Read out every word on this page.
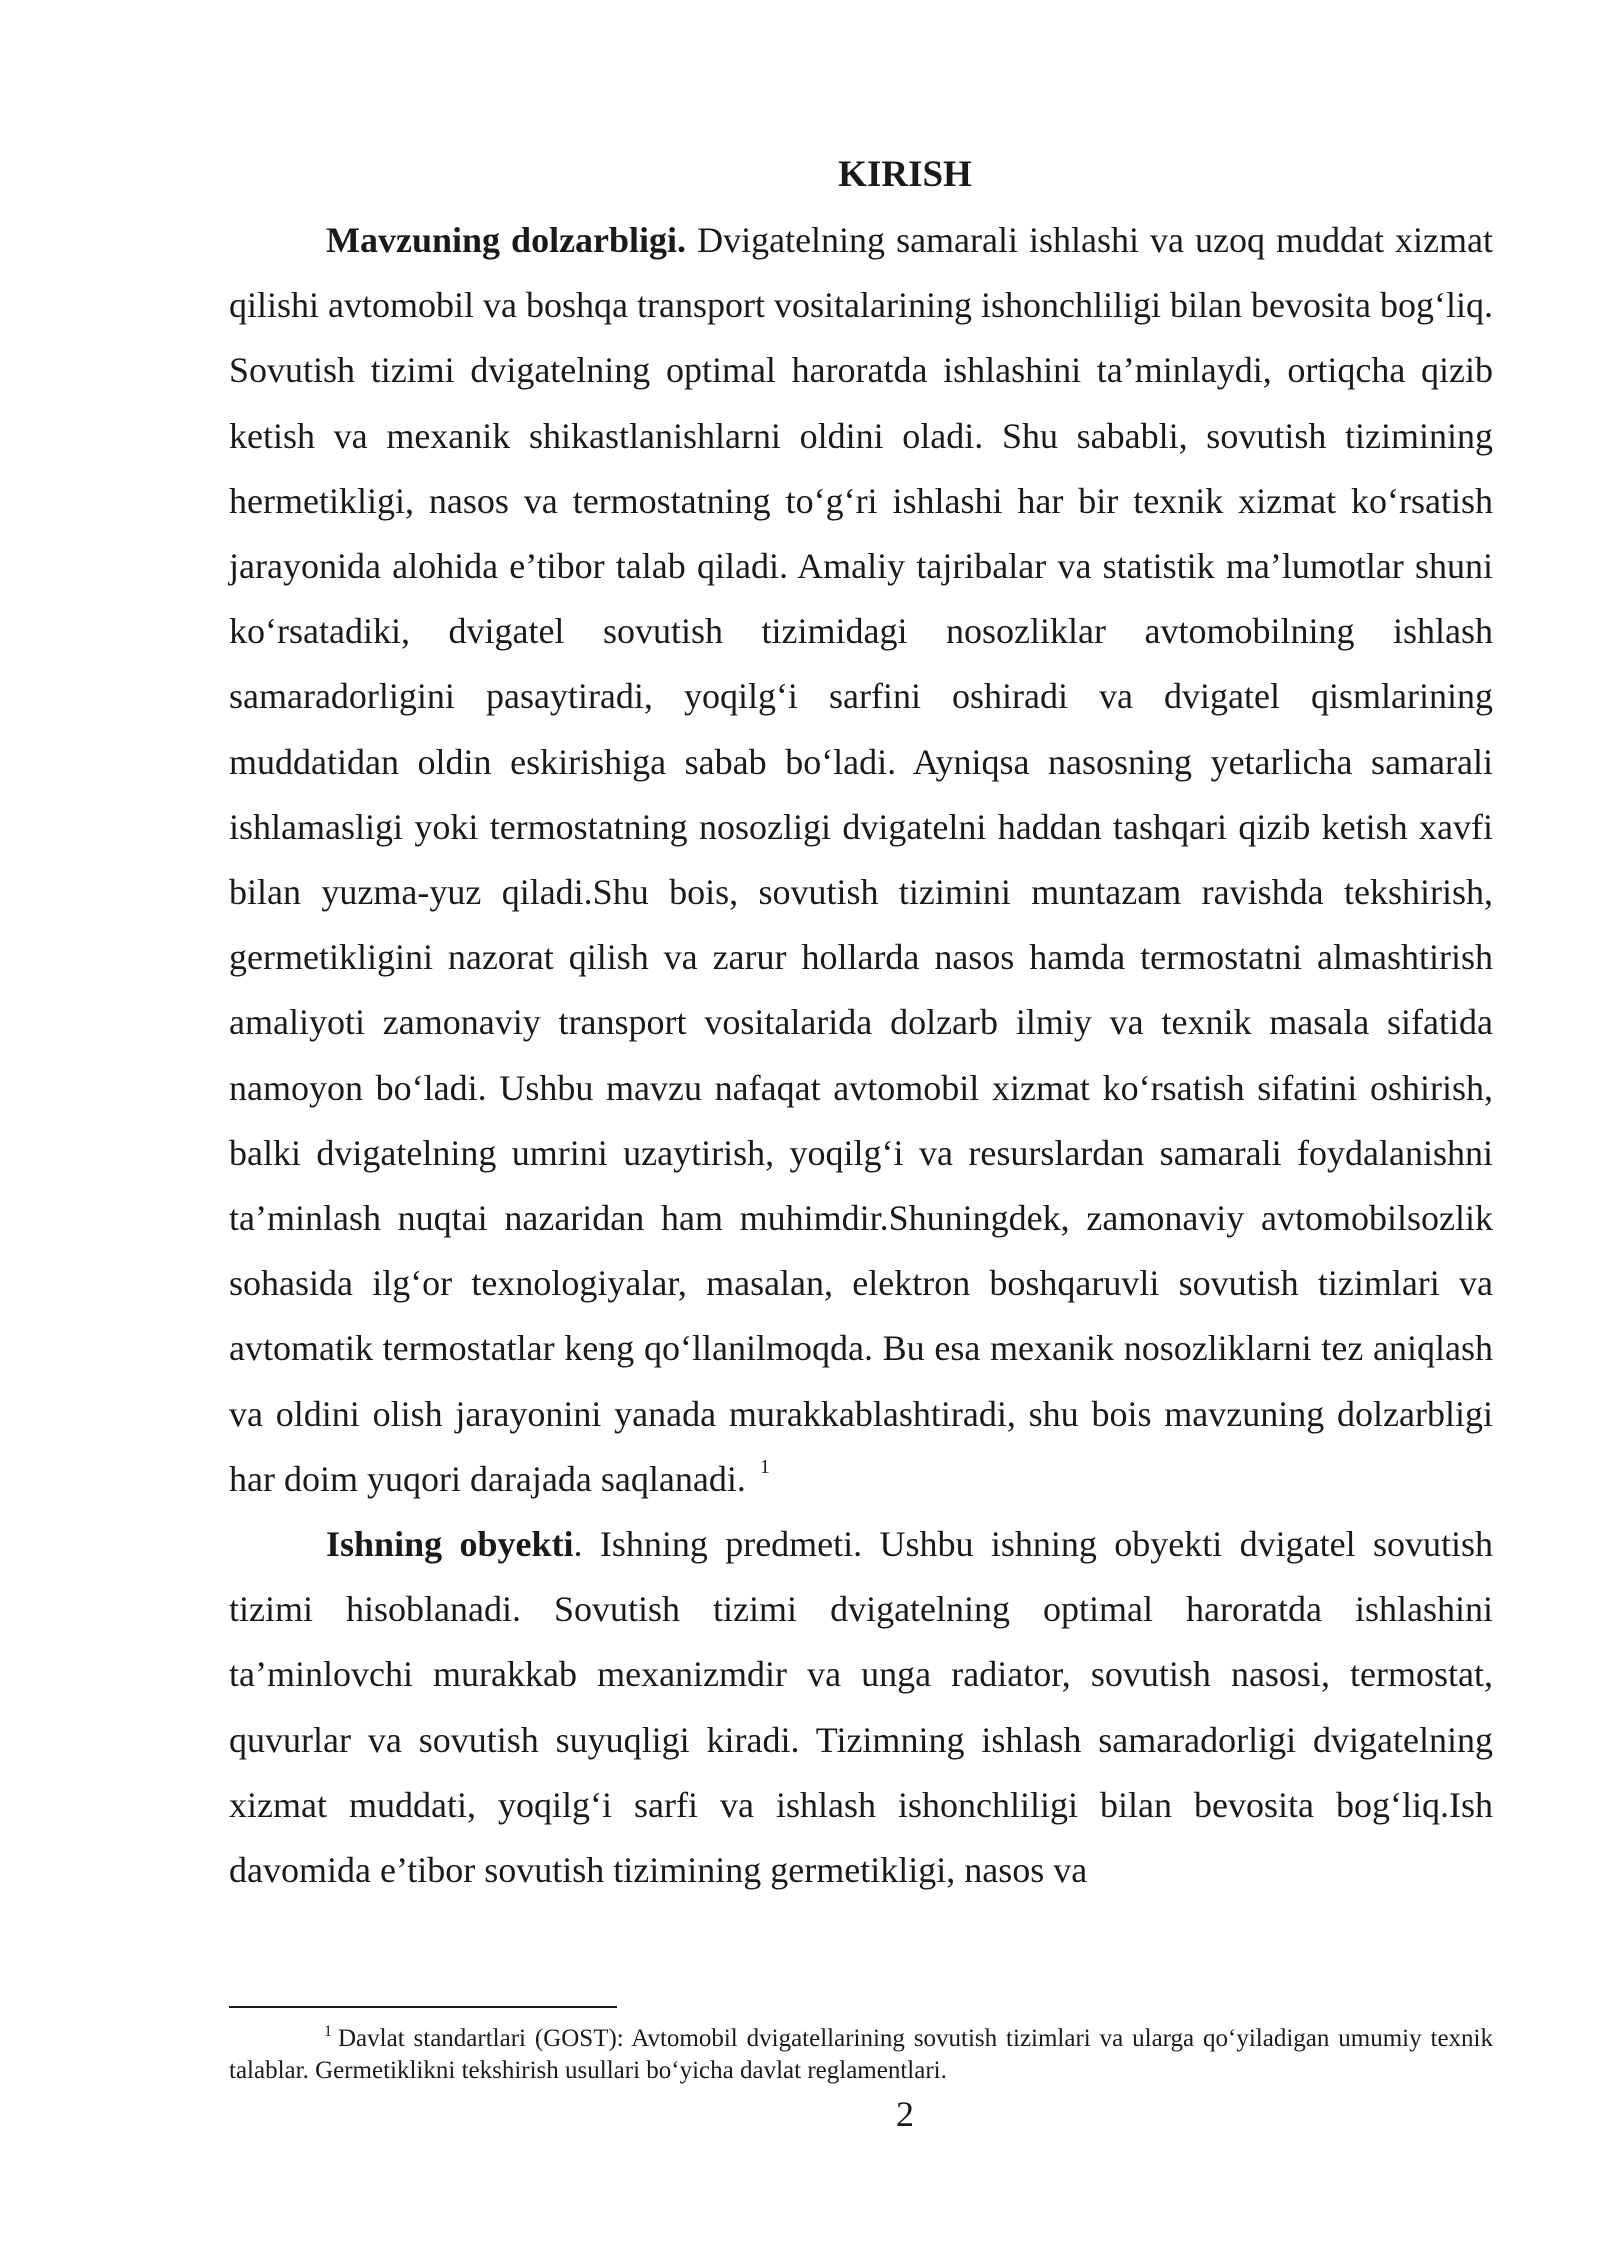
KIRISH

Mavzuning dolzarbligi. Dvigatelning samarali ishlashi va uzoq muddat xizmat qilishi avtomobil va boshqa transport vositalarining ishonchliligi bilan bevosita bog‘liq. Sovutish tizimi dvigatelning optimal haroratda ishlashini ta’minlaydi, ortiqcha qizib ketish va mexanik shikastlanishlarni oldini oladi. Shu sababli, sovutish tizimining hermetikligi, nasos va termostatning to‘g‘ri ishlashi har bir texnik xizmat ko‘rsatish jarayonida alohida e’tibor talab qiladi. Amaliy tajribalar va statistik ma’lumotlar shuni ko‘rsatadiki, dvigatel sovutish tizimidagi nosozliklar avtomobilning ishlash samaradorligini pasaytiradi, yoqilg‘i sarfini oshiradi va dvigatel qismlarining muddatidan oldin eskirishiga sabab bo‘ladi. Ayniqsa nasosning yetarlicha samarali ishlamasligi yoki termostatning nosozligi dvigatelni haddan tashqari qizib ketish xavfi bilan yuzma-yuz qiladi.Shu bois, sovutish tizimini muntazam ravishda tekshirish, germetikligini nazorat qilish va zarur hollarda nasos hamda termostatni almashtirish amaliyoti zamonaviy transport vositalarida dolzarb ilmiy va texnik masala sifatida namoyon bo‘ladi. Ushbu mavzu nafaqat avtomobil xizmat ko‘rsatish sifatini oshirish, balki dvigatelning umrini uzaytirish, yoqilg‘i va resurslardan samarali foydalanishni ta’minlash nuqtai nazaridan ham muhimdir.Shuningdek, zamonaviy avtomobilsozlik sohasida ilg‘or texnologiyalar, masalan, elektron boshqaruvli sovutish tizimlari va avtomatik termostatlar keng qo‘llanilmoqda. Bu esa mexanik nosozliklarni tez aniqlash va oldini olish jarayonini yanada murakkablashtiradi, shu bois mavzuning dolzarbligi har doim yuqori darajada saqlanadi. $^1$

Ishning obyekti. Ishning predmeti. Ushbu ishning obyekti dvigatel sovutish tizimi hisoblanadi. Sovutish tizimi dvigatelning optimal haroratda ishlashini ta’minlovchi murakkab mexanizmdir va unga radiator, sovutish nasosi, termostat, quvurlar va sovutish suyuqligi kiradi. Tizimning ishlash samaradorligi dvigatelning xizmat muddati, yoqilg‘i sarfi va ishlash ishonchliligi bilan bevosita bog‘liq.Ish davomida e’tibor sovutish tizimining germetikligi, nasos va

$^1$ Davlat standartlari (GOST): Avtomobil dvigatellarining sovutish tizimlari va ularga qo‘yiladigan umumiy texnik talablar. Germetiklikni tekshirish usullari bo‘yicha davlat reglamentlari.

2
